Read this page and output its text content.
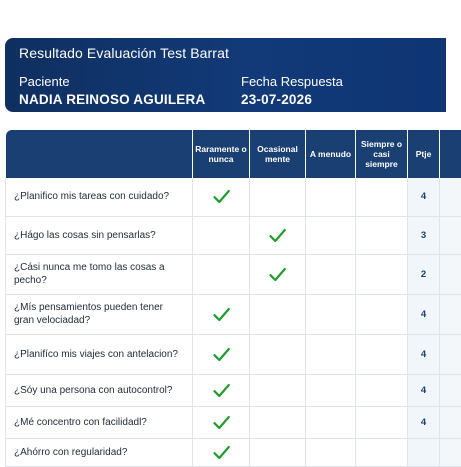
Resultado Evaluación Test Barrat
Paciente
NADIA REINOSO AGUILERA
Fecha Respuesta
23-07-2026
	Raramente o nunca	Ocasional mente	A menudo	Siempre o casi siempre	Ptje	
¿Planifico mis tareas con cuidado?					4	
¿Hágo las cosas sin pensarlas?					3	
¿Cási nunca me tomo las cosas a pecho?					2	
¿Mís pensamientos pueden tener gran velociadad?					4	
¿Planifíco mis viajes con antelacion?					4	
¿Sóy una persona con autocontrol?					4	
¿Mé concentro con facilidadl?					4	
¿Ahórro con regularidad?	
